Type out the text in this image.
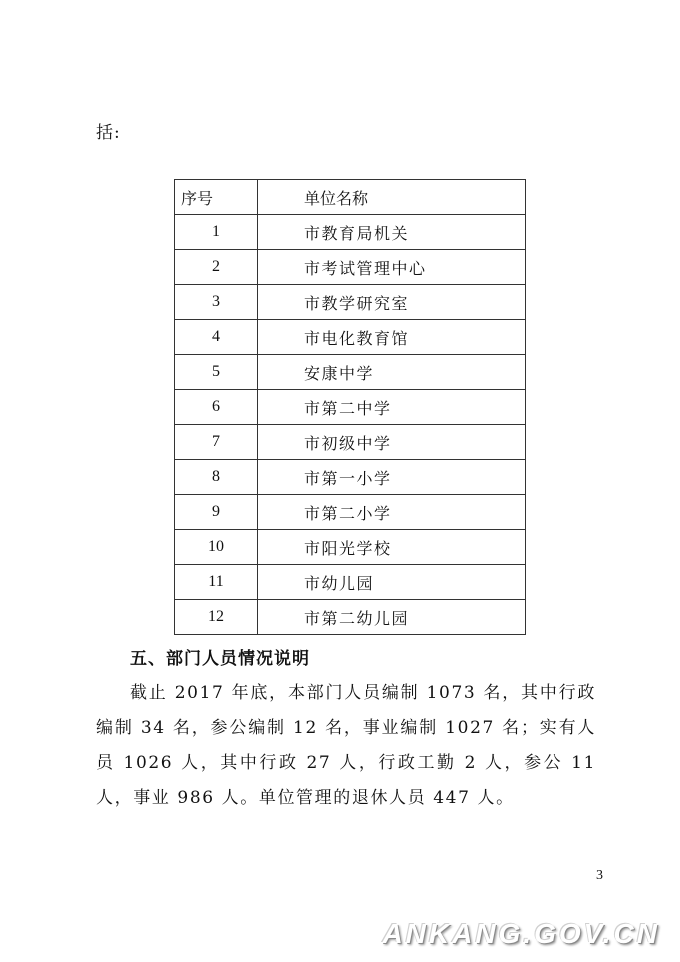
括:
序号	单位名称
1	市教育局机关
2	市考试管理中心
3	市教学研究室
4	市电化教育馆
5	安康中学
6	市第二中学
7	市初级中学
8	市第一小学
9	市第二小学
10	市阳光学校
11	市幼儿园
12	市第二幼儿园
五、部门人员情况说明

截止 2017 年底，本部门人员编制 1073 名，其中行政编制 34 名，参公编制 12 名，事业编制 1027 名；实有人员 1026 人，其中行政 27 人，行政工勤 2 人，参公 11 人，事业 986 人。单位管理的退休人员 447 人。

3
ANKANG.GOV.CN
